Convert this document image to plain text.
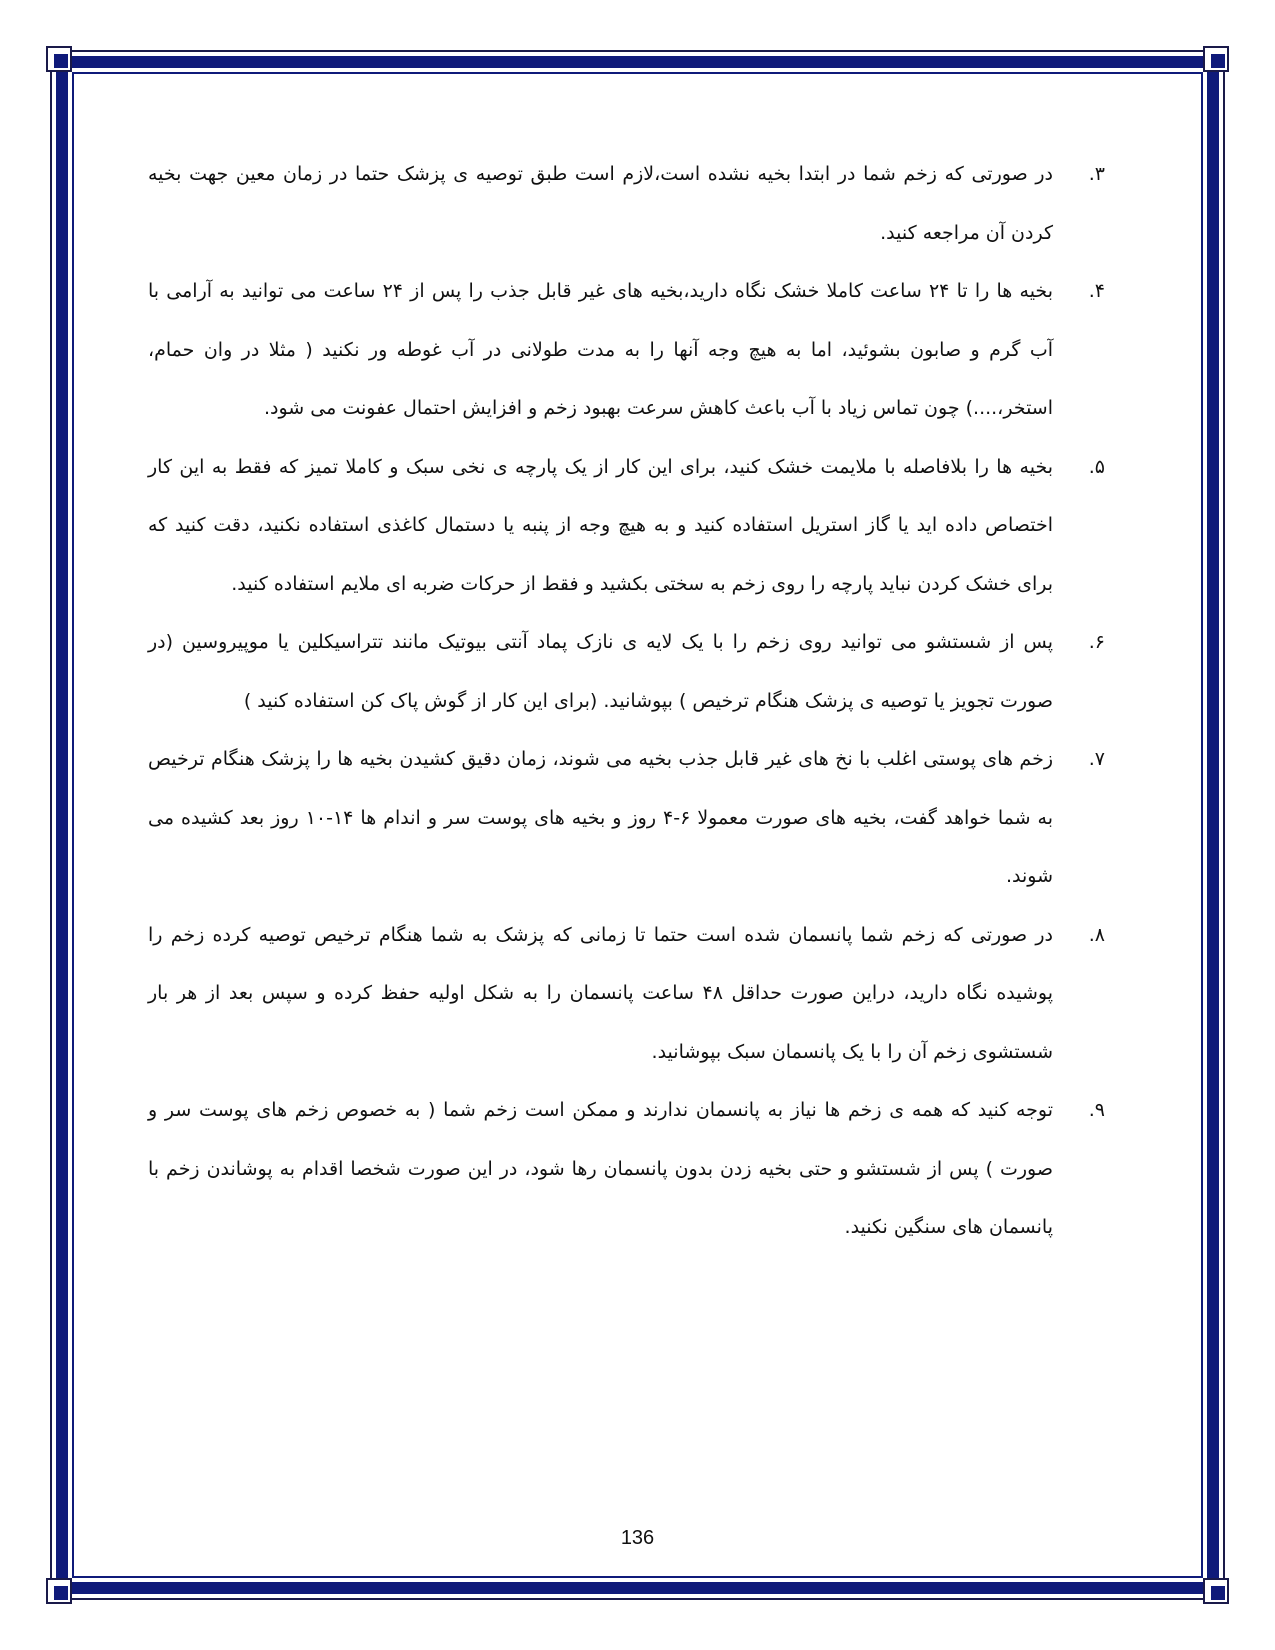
۳.
در صورتی که زخم شما در ابتدا بخیه نشده است،لازم است طبق توصیه ی پزشک حتما در زمان معین جهت بخیه کردن آن مراجعه کنید.
۴.
بخیه ها را تا ۲۴ ساعت کاملا خشک نگاه دارید،بخیه های غیر قابل جذب را پس از ۲۴ ساعت می توانید به آرامی با آب گرم و صابون بشوئید، اما به هیچ وجه آنها را به مدت طولانی در آب غوطه ور نکنید ( مثلا در وان حمام، استخر،....) چون تماس زیاد با آب باعث کاهش سرعت بهبود زخم و افزایش احتمال عفونت می شود.
۵.
بخیه ها را بلافاصله با ملایمت خشک کنید، برای این کار از یک پارچه ی نخی سبک و کاملا تمیز که فقط به این کار اختصاص داده اید یا گاز استریل استفاده کنید و به هیچ وجه از پنبه یا دستمال کاغذی استفاده نکنید، دقت کنید که برای خشک کردن نباید پارچه را روی زخم به سختی بکشید و فقط از حرکات ضربه ای ملایم استفاده کنید.
۶.
پس از شستشو می توانید روی زخم را با یک لایه ی نازک پماد آنتی بیوتیک مانند تتراسیکلین یا موپیروسین (در صورت تجویز یا توصیه ی پزشک هنگام ترخیص ) بپوشانید. (برای این کار از گوش پاک کن استفاده کنید )
۷.
زخم های پوستی اغلب با نخ های غیر قابل جذب بخیه می شوند، زمان دقیق کشیدن بخیه ها را پزشک هنگام ترخیص به شما خواهد گفت، بخیه های صورت معمولا ۶-۴ روز و بخیه های پوست سر و اندام ها ۱۴-۱۰ روز بعد کشیده می شوند.
۸.
در صورتی که زخم شما پانسمان شده است حتما تا زمانی که پزشک به شما هنگام ترخیص توصیه کرده زخم را پوشیده نگاه دارید، دراین صورت حداقل ۴۸ ساعت پانسمان را به شکل اولیه حفظ کرده و سپس بعد از هر بار شستشوی زخم آن را با یک پانسمان سبک بپوشانید.
۹.
توجه کنید که همه ی زخم ها نیاز به پانسمان ندارند و ممکن است زخم شما ( به خصوص زخم های پوست سر و صورت ) پس از شستشو و حتی بخیه زدن بدون پانسمان رها شود، در این صورت شخصا اقدام به پوشاندن زخم با پانسمان های سنگین نکنید.
136
